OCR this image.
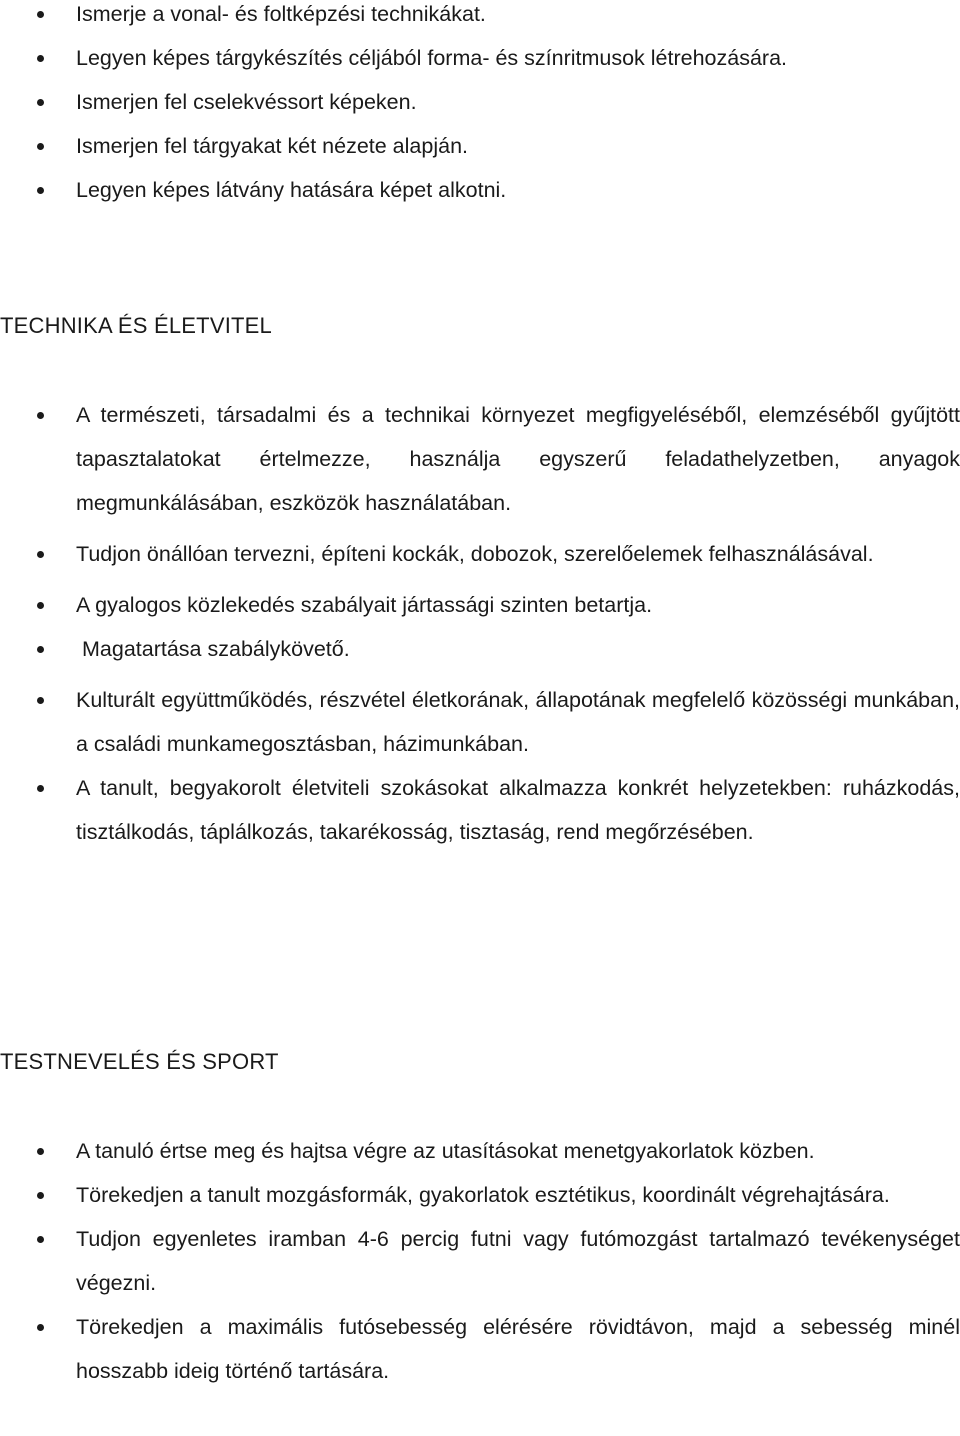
Ismerje a vonal- és foltképzési technikákat.
Legyen képes tárgykészítés céljából forma- és színritmusok létrehozására.
Ismerjen fel cselekvéssort képeken.
Ismerjen fel tárgyakat két nézete alapján.
Legyen képes látvány hatására képet alkotni.
TECHNIKA ÉS ÉLETVITEL
A természeti, társadalmi és a technikai környezet megfigyeléséből, elemzéséből gyűjtött tapasztalatokat értelmezze, használja egyszerű feladathelyzetben, anyagok megmunkálásában, eszközök használatában.
Tudjon önállóan tervezni, építeni kockák, dobozok, szerelőelemek felhasználásával.
A gyalogos közlekedés szabályait jártassági szinten betartja.
Magatartása szabálykövető.
Kulturált együttműködés, részvétel életkorának, állapotának megfelelő közösségi munkában, a családi munkamegosztásban, házimunkában.
A tanult, begyakorolt életviteli szokásokat alkalmazza konkrét helyzetekben: ruházkodás, tisztálkodás, táplálkozás, takarékosság, tisztaság, rend megőrzésében.
TESTNEVELÉS ÉS SPORT
A tanuló értse meg és hajtsa végre az utasításokat menetgyakorlatok közben.
Törekedjen a tanult mozgásformák, gyakorlatok esztétikus, koordinált végrehajtására.
Tudjon egyenletes iramban 4-6 percig futni vagy futómozgást tartalmazó tevékenységet végezni.
Törekedjen a maximális futósebesség elérésére rövidtávon, majd a sebesség minél hosszabb ideig történő tartására.
